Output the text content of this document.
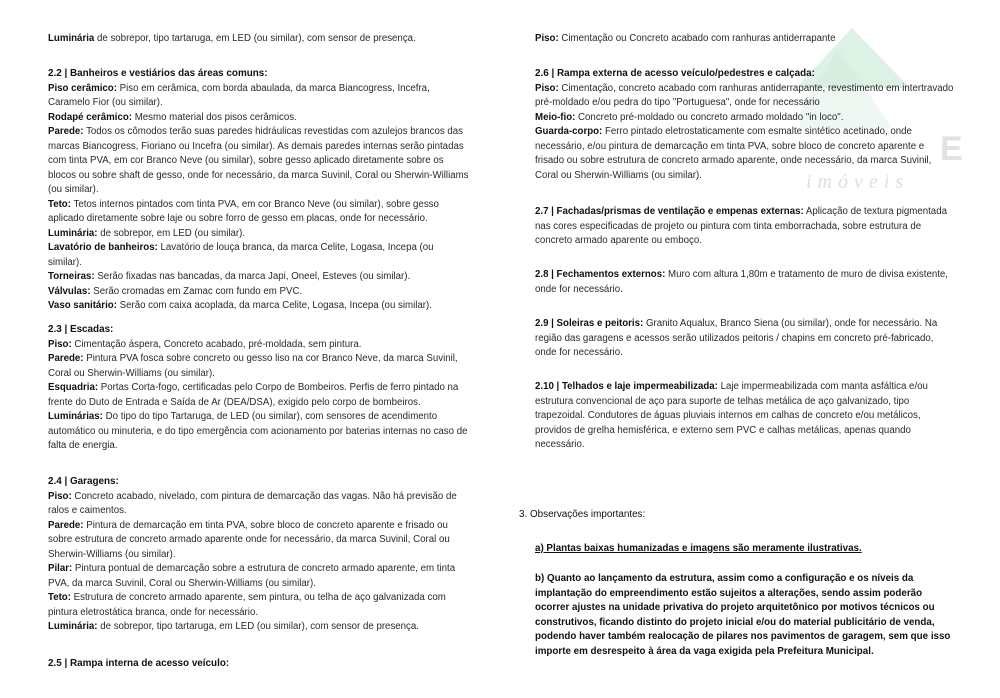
E
imóveis

Luminária de sobrepor, tipo tartaruga, em LED (ou similar), com sensor de presença.

2.2 | Banheiros e vestiários das áreas comuns:

Piso cerâmico: Piso em cerâmica, com borda abaulada, da marca Biancogress, Incefra, Caramelo Fior (ou similar).

Rodapé cerâmico: Mesmo material dos pisos cerâmicos.

Parede: Todos os cômodos terão suas paredes hidráulicas revestidas com azulejos brancos das marcas Biancogress, Fioriano ou Incefra (ou similar). As demais paredes internas serão pintadas com tinta PVA, em cor Branco Neve (ou similar), sobre gesso aplicado diretamente sobre os blocos ou sobre shaft de gesso, onde for necessário, da marca Suvinil, Coral ou Sherwin-Williams (ou similar).

Teto: Tetos internos pintados com tinta PVA, em cor Branco Neve (ou similar), sobre gesso aplicado diretamente sobre laje ou sobre forro de gesso em placas, onde for necessário.

Luminária: de sobrepor, em LED (ou similar).

Lavatório de banheiros: Lavatório de louça branca, da marca Celite, Logasa, Incepa (ou similar).

Torneiras: Serão fixadas nas bancadas, da marca Japi, Oneel, Esteves (ou similar).

Válvulas: Serão cromadas em Zamac com fundo em PVC.

Vaso sanitário: Serão com caixa acoplada, da marca Celite, Logasa, Incepa (ou similar).

2.3 | Escadas:

Piso: Cimentação áspera, Concreto acabado, pré-moldada, sem pintura.

Parede: Pintura PVA fosca sobre concreto ou gesso liso na cor Branco Neve, da marca Suvinil, Coral ou Sherwin-Williams (ou similar).

Esquadria: Portas Corta-fogo, certificadas pelo Corpo de Bombeiros. Perfis de ferro pintado na frente do Duto de Entrada e Saída de Ar (DEA/DSA), exigido pelo corpo de bombeiros.

Luminárias: Do tipo do tipo Tartaruga, de LED (ou similar), com sensores de acendimento automático ou minuteria, e do tipo emergência com acionamento por baterias internas no caso de falta de energia.

2.4 | Garagens:

Piso: Concreto acabado, nivelado, com pintura de demarcação das vagas. Não há previsão de ralos e caimentos.

Parede: Pintura de demarcação em tinta PVA, sobre bloco de concreto aparente e frisado ou sobre estrutura de concreto armado aparente onde for necessário, da marca Suvinil, Coral ou Sherwin-Williams (ou similar).

Pilar: Pintura pontual de demarcação sobre a estrutura de concreto armado aparente, em tinta PVA, da marca Suvinil, Coral ou Sherwin-Williams (ou similar).

Teto: Estrutura de concreto armado aparente, sem pintura, ou telha de aço galvanizada com pintura eletrostática branca, onde for necessário.

Luminária: de sobrepor, tipo tartaruga, em LED (ou similar), com sensor de presença.

2.5 | Rampa interna de acesso veículo:

Piso: Cimentação ou Concreto acabado com ranhuras antiderrapante

2.6 | Rampa externa de acesso veículo/pedestres e calçada:

Piso: Cimentação, concreto acabado com ranhuras antiderrapante, revestimento em intertravado pré-moldado e/ou pedra do tipo "Portuguesa", onde for necessário

Meio-fio: Concreto pré-moldado ou concreto armado moldado "in loco".

Guarda-corpo: Ferro pintado eletrostaticamente com esmalte sintético acetinado, onde necessário, e/ou pintura de demarcação em tinta PVA, sobre bloco de concreto aparente e frisado ou sobre estrutura de concreto armado aparente, onde necessário, da marca Suvinil, Coral ou Sherwin-Williams (ou similar).

2.7 | Fachadas/prismas de ventilação e empenas externas: Aplicação de textura pigmentada nas cores especificadas de projeto ou pintura com tinta emborrachada, sobre estrutura de concreto armado aparente ou emboço.

2.8 | Fechamentos externos: Muro com altura 1,80m e tratamento de muro de divisa existente, onde for necessário.

2.9 | Soleiras e peitoris: Granito Aqualux, Branco Siena (ou similar), onde for necessário. Na região das garagens e acessos serão utilizados peitoris / chapins em concreto pré-fabricado, onde for necessário.

2.10 | Telhados e laje impermeabilizada: Laje impermeabilizada com manta asfáltica e/ou estrutura convencional de aço para suporte de telhas metálica de aço galvanizado, tipo trapezoidal. Condutores de águas pluviais internos em calhas de concreto e/ou metálicos, providos de grelha hemisférica, e externo sem PVC e calhas metálicas, apenas quando necessário.

3. Observações importantes:

a) Plantas baixas humanizadas e imagens são meramente ilustrativas.

b) Quanto ao lançamento da estrutura, assim como a configuração e os níveis da implantação do empreendimento estão sujeitos a alterações, sendo assim poderão ocorrer ajustes na unidade privativa do projeto arquitetônico por motivos técnicos ou construtivos, ficando distinto do projeto inicial e/ou do material publicitário de venda, podendo haver também realocação de pilares nos pavimentos de garagem, sem que isso importe em desrespeito à área da vaga exigida pela Prefeitura Municipal.
